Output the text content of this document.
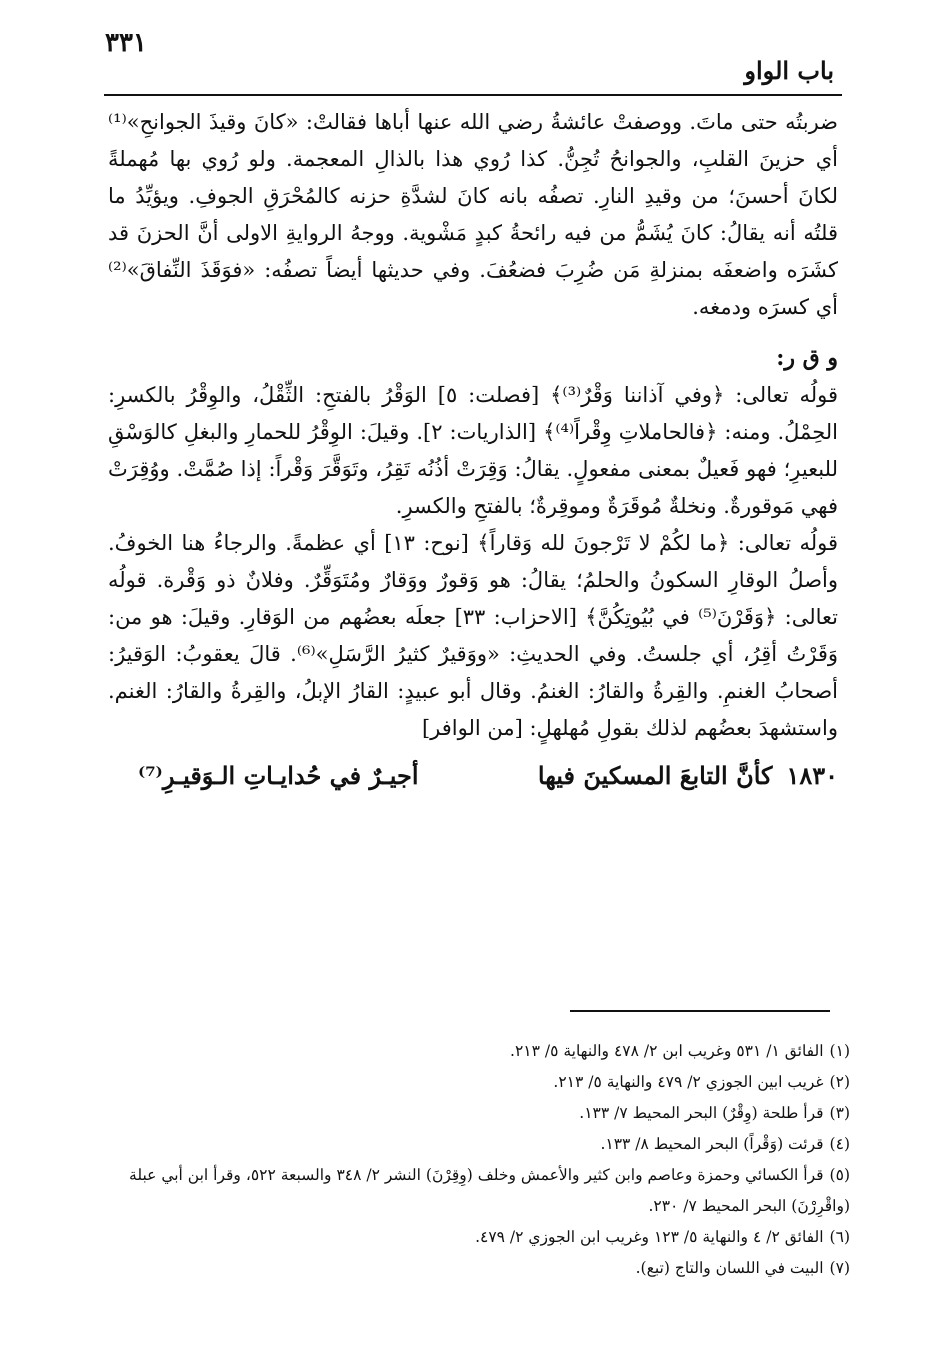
٣٣١
باب الواو

ضربتُه حتى ماتَ. ووصفتْ عائشةُ رضي الله عنها أباها فقالتْ: «كانَ وقيذَ الجوانحِ»⁽¹⁾ أي حزينَ القلبِ، والجوانحُ تُجِنُّ. كذا رُوي هذا بالذالِ المعجمة. ولو رُوي بها مُهملةً لكانَ أحسنَ؛ من وقيدِ النارِ. تصفُه بانه كانَ لشدَّةِ حزنه كالمُحْرَقِ الجوفِ. ويؤيِّدُ ما قلتُه أنه يقالُ: كانَ يُشَمُّ من فيه رائحةُ كبدٍ مَشْوية. ووجهُ الروايةِ الاولى أنَّ الحزنَ قد كشَرَه واضعفَه بمنزلةِ مَن ضُرِبَ فضعُفَ. وفي حديثها أيضاً تصفُه: «فوَقَذَ النِّفاقَ»⁽²⁾ أي كسرَه ودمغه.

و ق ر:

قولُه تعالى: ﴿وفي آذاننا وَقْرٌ⁽³⁾﴾ [فصلت: ٥] الوَقْرُ بالفتحِ: الثِّقْلُ، والوِقْرُ بالكسرِ: الحِمْلُ. ومنه: ﴿فالحاملاتِ وِقْراً⁽⁴⁾﴾ [الذاريات: ٢]. وقيلَ: الوِقْرُ للحمارِ والبغلِ كالوَسْقِ للبعيرِ؛ فهو فَعيلٌ بمعنى مفعولٍ. يقالُ: وَقِرَتْ أذُنُه تَقِرُ، وتَوَقَّرَ وَقْراً: إذا صُمَّتْ. ووُقِرَتْ فهي مَوقورةٌ. ونخلةٌ مُوقَرَةٌ وموقِرةٌ؛ بالفتحِ والكسرِ.

قولُه تعالى: ﴿ما لكُمْ لا تَرْجونَ لله وَقاراً﴾ [نوح: ١٣] أي عظمةً. والرجاءُ هنا الخوفُ. وأصلُ الوقارِ السكونُ والحلمُ؛ يقالُ: هو وَقورٌ ووَقارٌ ومُتَوَقِّرٌ. وفلانٌ ذو وَقْرة. قولُه تعالى: ﴿وَقَرْنَ⁽⁵⁾ في بُيُوتِكُنَّ﴾ [الاحزاب: ٣٣] جعلَه بعضُهم من الوَقارِ. وقيلَ: هو من: وَقَرْتُ أقِرُ، أي جلستُ. وفي الحديثِ: «ووَقيرٌ كثيرُ الرَّسَلِ»⁽⁶⁾. قالَ يعقوبُ: الوَقيرُ: أصحابُ الغنمِ. والقِرةُ والقارُ: الغنمُ. وقال أبو عبيدٍ: القارُ الإبلُ، والقِرةُ والقارُ: الغنم. واستشهدَ بعضُهم لذلك بقولِ مُهلهلٍ: [من الوافر]

١٨٣٠كأنَّ التابعَ المسكينَ فيها
أجيـرٌ في حُدايـاتِ الـوَقيـرِ⁽⁷⁾

(١)الفائق ١/ ٥٣١ وغريب ابن ٢/ ٤٧٨ والنهاية ٥/ ٢١٣.

(٢)غريب ابين الجوزي ٢/ ٤٧٩ والنهاية ٥/ ٢١٣.

(٣)قرأ طلحة (وِقْرٌ) البحر المحيط ٧/ ١٣٣.

(٤)قرئت (وَقْراً) البحر المحيط ٨/ ١٣٣.

(٥)قرأ الكسائي وحمزة وعاصم وابن كثير والأعمش وخلف (وِقِرْنَ) النشر ٢/ ٣٤٨ والسبعة ٥٢٢، وقرأ ابن أبي عبلة (واقْرِرْنَ) البحر المحيط ٧/ ٢٣٠.

(٦)الفائق ٢/ ٤ والنهاية ٥/ ١٢٣ وغريب ابن الجوزي ٢/ ٤٧٩.

(٧)البيت في اللسان والتاج (تبع).
